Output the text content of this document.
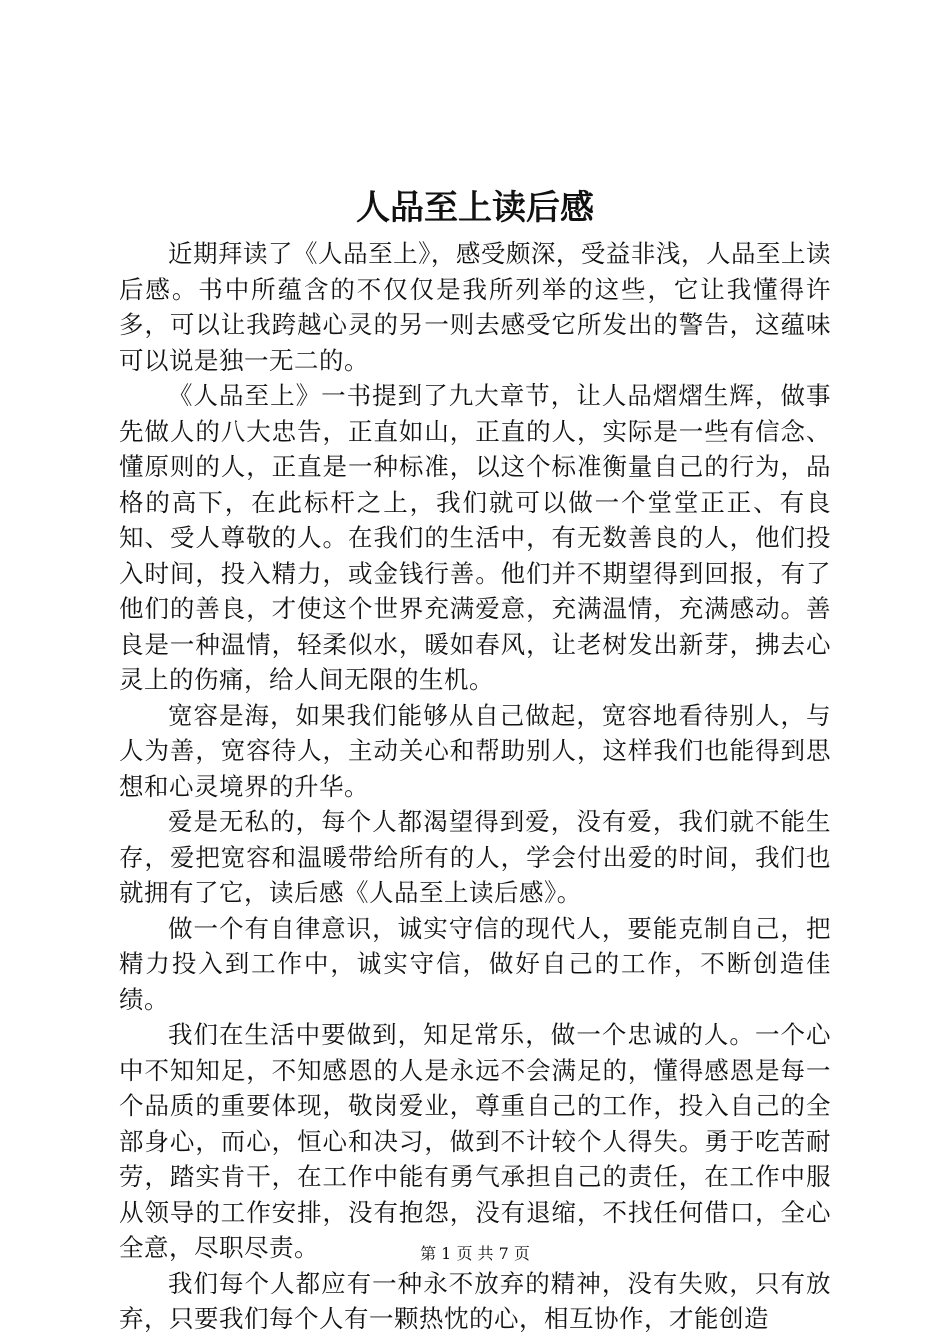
人品至上读后感

近期拜读了《人品至上》，感受颇深，受益非浅，人品至上读后感。书中所蕴含的不仅仅是我所列举的这些，它让我懂得许多，可以让我跨越心灵的另一则去感受它所发出的警告，这蕴味可以说是独一无二的。

《人品至上》一书提到了九大章节，让人品熠熠生辉，做事先做人的八大忠告，正直如山，正直的人，实际是一些有信念、懂原则的人，正直是一种标准，以这个标准衡量自己的行为，品格的高下，在此标杆之上，我们就可以做一个堂堂正正、有良知、受人尊敬的人。在我们的生活中，有无数善良的人，他们投入时间，投入精力，或金钱行善。他们并不期望得到回报，有了他们的善良，才使这个世界充满爱意，充满温情，充满感动。善良是一种温情，轻柔似水，暖如春风，让老树发出新芽，拂去心灵上的伤痛，给人间无限的生机。

宽容是海，如果我们能够从自己做起，宽容地看待别人，与人为善，宽容待人，主动关心和帮助别人，这样我们也能得到思想和心灵境界的升华。

爱是无私的，每个人都渴望得到爱，没有爱，我们就不能生存，爱把宽容和温暖带给所有的人，学会付出爱的时间，我们也就拥有了它，读后感《人品至上读后感》。

做一个有自律意识，诚实守信的现代人，要能克制自己，把精力投入到工作中，诚实守信，做好自己的工作，不断创造佳绩。

我们在生活中要做到，知足常乐，做一个忠诚的人。一个心中不知知足，不知感恩的人是永远不会满足的，懂得感恩是每一个品质的重要体现，敬岗爱业，尊重自己的工作，投入自己的全部身心，而心，恒心和决习，做到不计较个人得失。勇于吃苦耐劳，踏实肯干，在工作中能有勇气承担自己的责任，在工作中服从领导的工作安排，没有抱怨，没有退缩，不找任何借口，全心全意，尽职尽责。

我们每个人都应有一种永不放弃的精神，没有失败，只有放弃，只要我们每个人有一颗热忱的心，相互协作，才能创造

第 1 页 共 7 页
